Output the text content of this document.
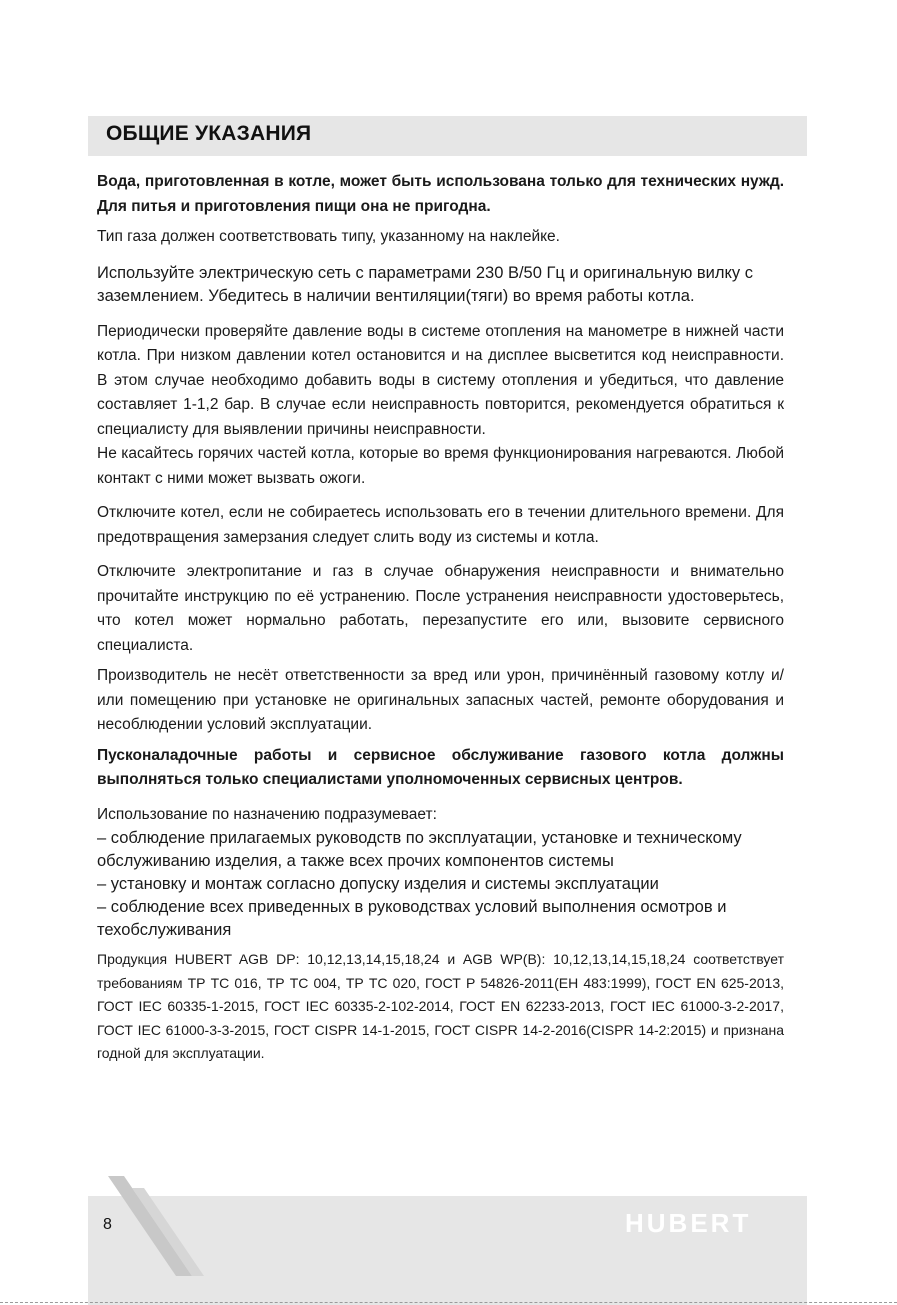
ОБЩИЕ УКАЗАНИЯ

Вода, приготовленная в котле, может быть использована только для технических нужд. Для питья и приготовления пищи она не пригодна.

Тип газа должен соответствовать типу, указанному на наклейке.

Используйте электрическую сеть с параметрами 230 В/50 Гц и оригинальную вилку с заземлением. Убедитесь в наличии вентиляции(тяги) во время работы котла.

Периодически проверяйте давление воды в системе отопления на манометре в нижней части котла. При низком давлении котел остановится и на дисплее высветится код неисправности. В этом случае необходимо добавить воды в систему отопления и убедиться, что давление составляет 1-1,2 бар. В случае если неисправность повторится, рекомендуется обратиться к специалисту для выявлении причины неисправности.

Не касайтесь горячих частей котла, которые во время функционирования нагреваются. Любой контакт с ними может вызвать ожоги.

Отключите котел, если не собираетесь использовать его в течении длительного времени. Для предотвращения замерзания следует слить воду из системы и котла.

Отключите электропитание и газ в случае обнаружения неисправности и внимательно прочитайте инструкцию по её устранению. После устранения неисправности удостоверьтесь, что котел может нормально работать, перезапустите его или, вызовите сервисного специалиста.

Производитель не несёт ответственности за вред или урон, причинённый газовому котлу и/или помещению при установке не оригинальных запасных частей, ремонте оборудования и несоблюдении условий эксплуатации.

Пусконаладочные работы и сервисное обслуживание газового котла должны выполняться только специалистами уполномоченных сервисных центров.

Использование по назначению подразумевает:

– соблюдение прилагаемых руководств по эксплуатации, установке и техническому обслуживанию изделия, а также всех прочих компонентов системы

– установку и монтаж согласно допуску изделия и системы эксплуатации

– соблюдение всех приведенных в руководствах условий выполнения осмотров и техобслуживания

Продукция HUBERT AGB DP: 10,12,13,14,15,18,24 и AGB WP(B): 10,12,13,14,15,18,24 соответствует требованиям ТР ТС 016, ТР ТС 004, ТР ТС 020, ГОСТ Р 54826-2011(ЕН 483:1999), ГОСТ EN 625-2013, ГОСТ IEC 60335-1-2015, ГОСТ IEC 60335-2-102-2014, ГОСТ EN 62233-2013, ГОСТ IEC 61000-3-2-2017, ГОСТ IEC 61000-3-3-2015, ГОСТ CISPR 14-1-2015, ГОСТ CISPR 14-2-2016(CISPR 14-2:2015) и признана годной для эксплуатации.

8	HUBERT
